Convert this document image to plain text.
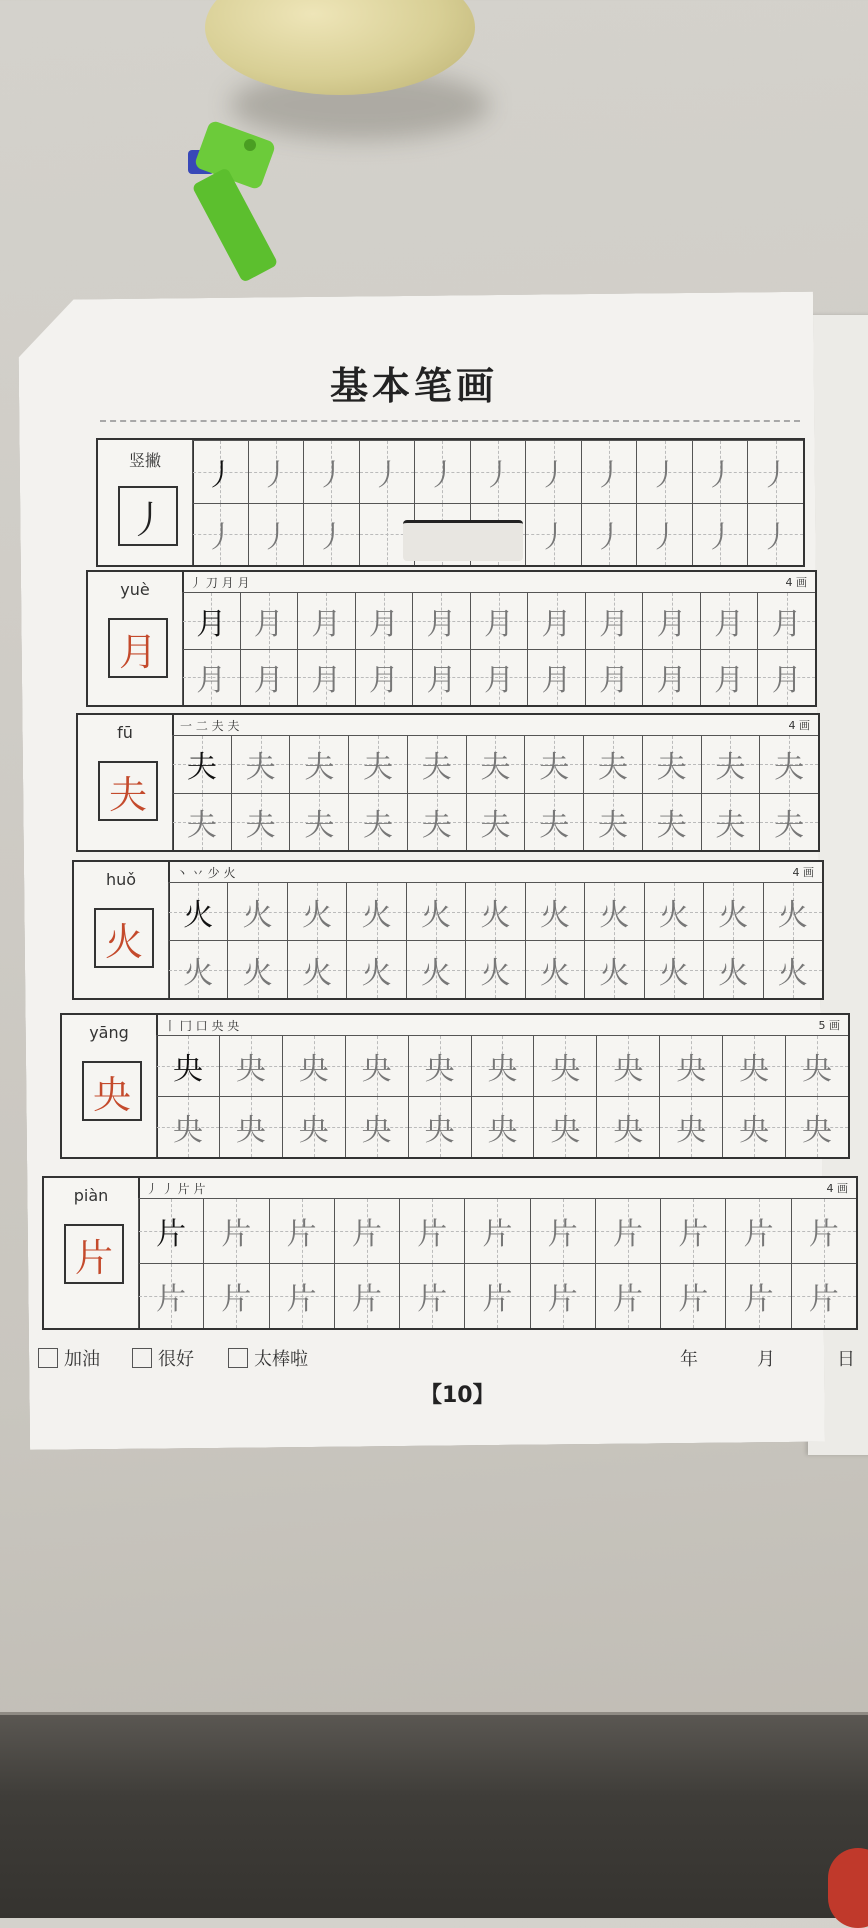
基本笔画
竖撇
丿
丿 丿 丿 丿 丿 丿 丿 丿 丿 丿 丿
丿 丿 丿	丿 丿 丿 丿 丿
yuè
月
丿 刀 月 月	4 画
月 月 月 月 月 月 月 月 月 月 月
月 月 月 月 月 月 月 月 月 月 月
fū
夫
一 二 夫 夫	4 画
夫 夫 夫 夫 夫 夫 夫 夫 夫 夫 夫
夫 夫 夫 夫 夫 夫 夫 夫 夫 夫 夫
huǒ
火
丶 丷 少 火	4 画
火 火 火 火 火 火 火 火 火 火 火
火 火 火 火 火 火 火 火 火 火 火
yāng
央
丨 冂 口 央 央	5 画
央 央 央 央 央 央 央 央 央 央 央
央 央 央 央 央 央 央 央 央 央 央
piàn
片
丿 丿 片 片	4 画
片 片 片 片 片 片 片 片 片 片 片
片 片 片 片 片 片 片 片 片 片 片
加油	很好	太棒啦	年	月	日
【10】
